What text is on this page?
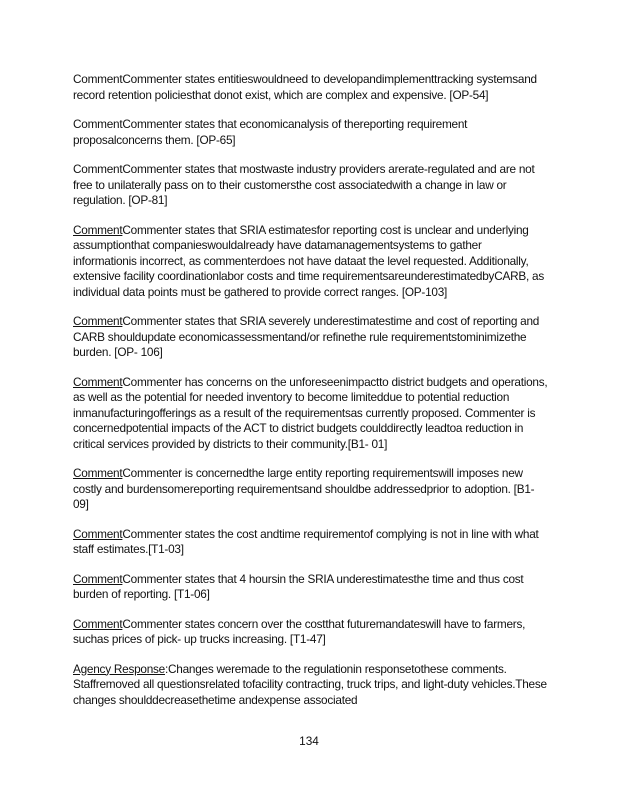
CommentCommenter states entitieswouldneed to developandimplementtracking systemsand record retention policiesthat donot exist, which are complex and expensive. [OP-54]

CommentCommenter states that economicanalysis of thereporting requirement proposalconcerns them. [OP-65]

CommentCommenter states that mostwaste industry providers arerate-regulated and are not free to unilaterally pass on to their customersthe cost associatedwith a change in law or regulation. [OP-81]

CommentCommenter states that SRIA estimatesfor reporting cost is unclear and underlying assumptionthat companieswouldalready have datamanagementsystems to gather informationis incorrect, as commenterdoes not have dataat the level requested. Additionally, extensive facility coordinationlabor costs and time requirementsareunderestimatedbyCARB, as individual data points must be gathered to provide correct ranges. [OP-103]

CommentCommenter states that SRIA severely underestimatestime and cost of reporting and CARB shouldupdate economicassessmentand/or refinethe rule requirementstominimizethe burden. [OP- 106]

CommentCommenter has concerns on the unforeseenimpactto district budgets and operations, as well as the potential for needed inventory to become limiteddue to potential reduction inmanufacturingofferings as a result of the requirementsas currently proposed. Commenter is concernedpotential impacts of the ACT to district budgets coulddirectly leadtoa reduction in critical services provided by districts to their community.[B1- 01]

CommentCommenter is concernedthe large entity reporting requirementswill imposes new costly and burdensomereporting requirementsand shouldbe addressedprior to adoption. [B1-09]

CommentCommenter states the cost andtime requirementof complying is not in line with what staff estimates.[T1-03]

CommentCommenter states that 4 hoursin the SRIA underestimatesthe time and thus cost burden of reporting. [T1-06]

CommentCommenter states concern over the costthat futuremandateswill have to farmers, suchas prices of pick- up trucks increasing. [T1-47]

Agency Response:Changes weremade to the regulationin responsetothese comments. Staffremoved all questionsrelated tofacility contracting, truck trips, and light-duty vehicles.These changes shoulddecreasethetime andexpense associated

134
